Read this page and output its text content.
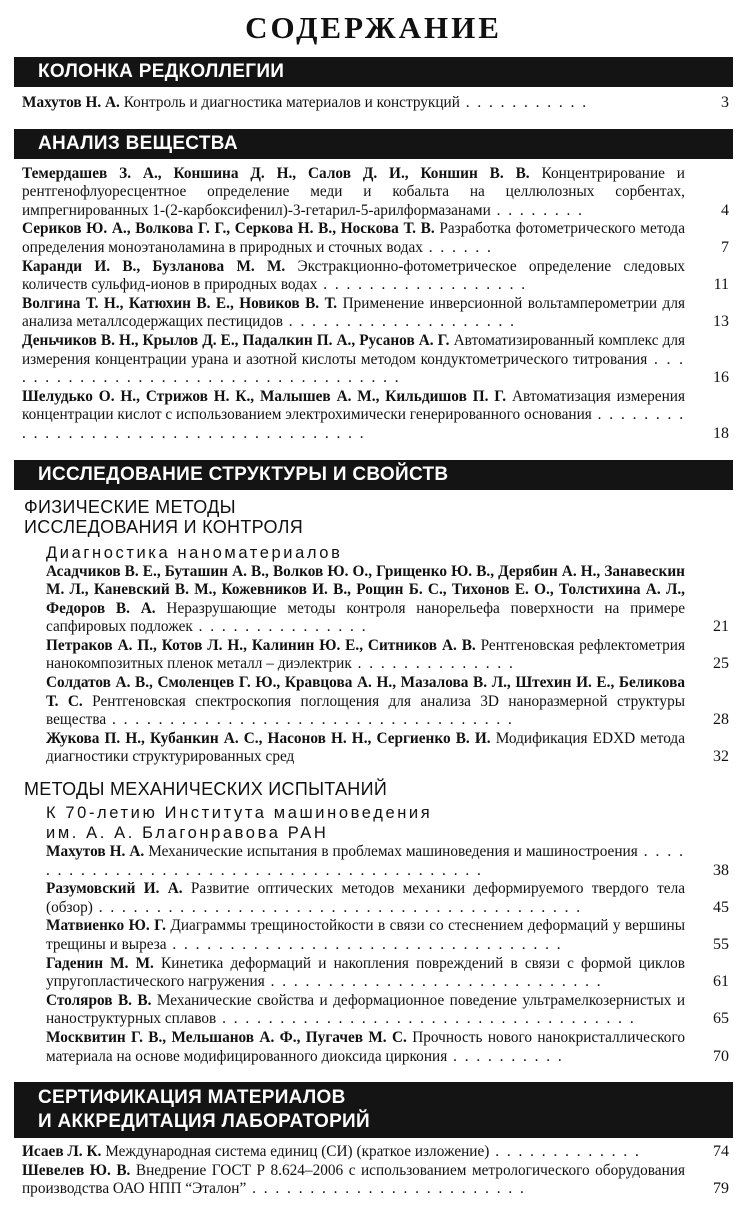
СОДЕРЖАНИЕ
КОЛОНКА РЕДКОЛЛЕГИИ
Махутов Н. А. Контроль и диагностика материалов и конструкций . . . . . . . . . . .	3
АНАЛИЗ ВЕЩЕСТВА
Темердашев З. А., Коншина Д. Н., Салов Д. И., Коншин В. В. Концентрирование и рентгенофлуоресцентное определение меди и кобальта на целлюлозных сорбентах, импрегнированных 1-(2-карбоксифенил)-3-гетарил-5-арилформазанами . . . . . . . .	4
Сериков Ю. А., Волкова Г. Г., Серкова Н. В., Носкова Т. В. Разработка фотометрического метода определения моноэтаноламина в природных и сточных водах . . . . . .	7
Каранди И. В., Бузланова М. М. Экстракционно-фотометрическое определение следовых количеств сульфид-ионов в природных водах . . . . . . . . . . . . . . . . . .	11
Волгина Т. Н., Катюхин В. Е., Новиков В. Т. Применение инверсионной вольтамперометрии для анализа металлсодержащих пестицидов . . . . . . . . . . . . . . . . . . . .	13
Деньчиков В. Н., Крылов Д. Е., Падалкин П. А., Русанов А. Г. Автоматизированный комплекс для измерения концентрации урана и азотной кислоты методом кондуктометрического титрования . . . . . . . . . . . . . . . . . . . . . . . . . . . . . . . . . . . .	16
Шелудько О. Н., Стрижов Н. К., Малышев А. М., Кильдишов П. Г. Автоматизация измерения концентрации кислот с использованием электрохимически генерированного основания . . . . . . . . . . . . . . . . . . . . . . . . . . . . . . . . . . . . . .	18
ИССЛЕДОВАНИЕ СТРУКТУРЫ И СВОЙСТВ
ФИЗИЧЕСКИЕ МЕТОДЫ
ИССЛЕДОВАНИЯ И КОНТРОЛЯ
Диагностика наноматериалов
Асадчиков В. Е., Буташин А. В., Волков Ю. О., Грищенко Ю. В., Дерябин А. Н., Занавескин М. Л., Каневский В. М., Кожевников И. В., Рощин Б. С., Тихонов Е. О., Толстихина А. Л., Федоров В. А. Неразрушающие методы контроля нанорельефа поверхности на примере сапфировых подложек . . . . . . . . . . . . . . .	21
Петраков А. П., Котов Л. Н., Калинин Ю. Е., Ситников А. В. Рентгеновская рефлектометрия нанокомпозитных пленок металл – диэлектрик . . . . . . . . . . . . . .	25
Солдатов А. В., Смоленцев Г. Ю., Кравцова А. Н., Мазалова В. Л., Штехин И. Е., Беликова Т. С. Рентгеновская спектроскопия поглощения для анализа 3D наноразмерной структуры вещества . . . . . . . . . . . . . . . . . . . . . . . . . . . . . . . . . . .	28
Жукова П. Н., Кубанкин А. С., Насонов Н. Н., Сергиенко В. И. Модификация EDXD метода диагностики структурированных сред	32
МЕТОДЫ МЕХАНИЧЕСКИХ ИСПЫТАНИЙ
К 70-летию Института машиноведения
им. А. А. Благонравова РАН
Махутов Н. А. Механические испытания в проблемах машиноведения и машиностроения . . . . . . . . . . . . . . . . . . . . . . . . . . . . . . . . . . . . . . . . . .	38
Разумовский И. А. Развитие оптических методов механики деформируемого твердого тела (обзор) . . . . . . . . . . . . . . . . . . . . . . . . . . . . . . . . . . . . . . . . . .	45
Матвиенко Ю. Г. Диаграммы трещиностойкости в связи со стеснением деформаций у вершины трещины и выреза . . . . . . . . . . . . . . . . . . . . . . . . . . . . . . . . . .	55
Гаденин М. М. Кинетика деформаций и накопления повреждений в связи с формой циклов упругопластического нагружения . . . . . . . . . . . . . . . . . . . . . . . . . . . . .	61
Столяров В. В. Механические свойства и деформационное поведение ультрамелкозернистых и наноструктурных сплавов . . . . . . . . . . . . . . . . . . . . . . . . . . . . . . . . . . . .	65
Москвитин Г. В., Мельшанов А. Ф., Пугачев М. С. Прочность нового нанокристаллического материала на основе модифицированного диоксида циркония . . . . . . . . . .	70
СЕРТИФИКАЦИЯ МАТЕРИАЛОВ
И АККРЕДИТАЦИЯ ЛАБОРАТОРИЙ
Исаев Л. К. Международная система единиц (СИ) (краткое изложение) . . . . . . . . . . . . .	74
Шевелев Ю. В. Внедрение ГОСТ Р 8.624–2006 с использованием метрологического оборудования производства ОАО НПП “Эталон” . . . . . . . . . . . . . . . . . . . . . . . .	79
